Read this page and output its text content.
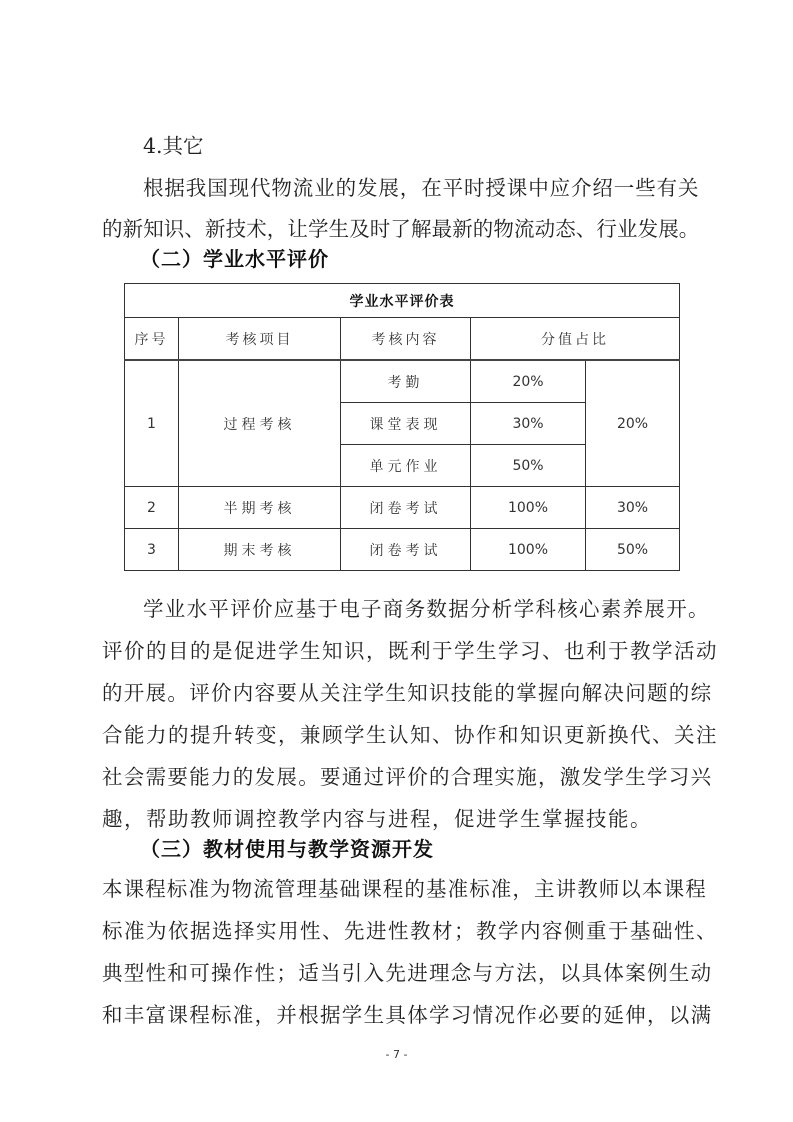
4.其它
根据我国现代物流业的发展，在平时授课中应介绍一些有关
的新知识、新技术，让学生及时了解最新的物流动态、行业发展。
（二）学业水平评价
学业水平评价表				
序号	考核项目	考核内容	分值占比	
1	过程考核	考勤	20%	20%
		课堂表现	30%	
		单元作业	50%	
2	半期考核	闭卷考试	100%	30%
3	期末考核	闭卷考试	100%	50%
学业水平评价应基于电子商务数据分析学科核心素养展开。
评价的目的是促进学生知识，既利于学生学习、也利于教学活动
的开展。评价内容要从关注学生知识技能的掌握向解决问题的综
合能力的提升转变，兼顾学生认知、协作和知识更新换代、关注
社会需要能力的发展。要通过评价的合理实施，激发学生学习兴
趣，帮助教师调控教学内容与进程，促进学生掌握技能。
（三）教材使用与教学资源开发
本课程标准为物流管理基础课程的基准标准，主讲教师以本课程
标准为依据选择实用性、先进性教材；教学内容侧重于基础性、
典型性和可操作性；适当引入先进理念与方法，以具体案例生动
和丰富课程标准，并根据学生具体学习情况作必要的延伸，以满
- 7 -
